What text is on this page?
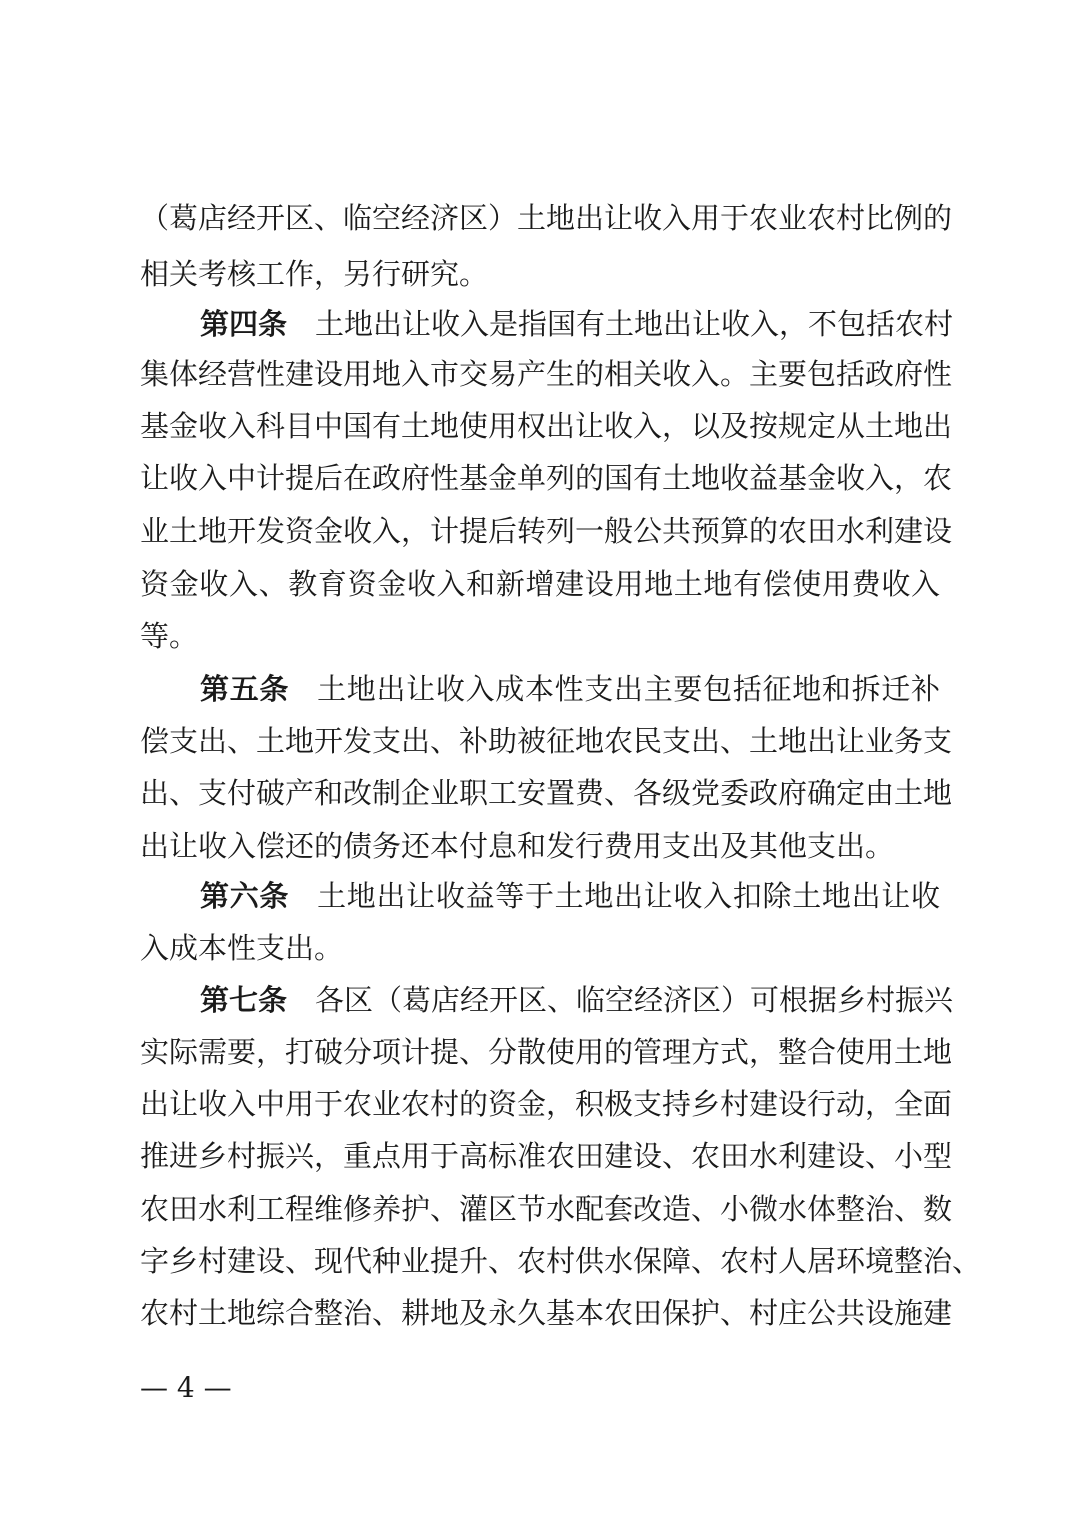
（葛店经开区、临空经济区）土地出让收入用于农业农村比例的
相关考核工作，另行研究。
第四条 土地出让收入是指国有土地出让收入，不包括农村
集体经营性建设用地入市交易产生的相关收入。主要包括政府性
基金收入科目中国有土地使用权出让收入，以及按规定从土地出
让收入中计提后在政府性基金单列的国有土地收益基金收入，农
业土地开发资金收入，计提后转列一般公共预算的农田水利建设
资金收入、教育资金收入和新增建设用地土地有偿使用费收入
等。
第五条 土地出让收入成本性支出主要包括征地和拆迁补
偿支出、土地开发支出、补助被征地农民支出、土地出让业务支
出、支付破产和改制企业职工安置费、各级党委政府确定由土地
出让收入偿还的债务还本付息和发行费用支出及其他支出。
第六条 土地出让收益等于土地出让收入扣除土地出让收
入成本性支出。
第七条 各区（葛店经开区、临空经济区）可根据乡村振兴
实际需要，打破分项计提、分散使用的管理方式，整合使用土地
出让收入中用于农业农村的资金，积极支持乡村建设行动，全面
推进乡村振兴，重点用于高标准农田建设、农田水利建设、小型
农田水利工程维修养护、灌区节水配套改造、小微水体整治、数
字乡村建设、现代种业提升、农村供水保障、农村人居环境整治、
农村土地综合整治、耕地及永久基本农田保护、村庄公共设施建
— 4 —
